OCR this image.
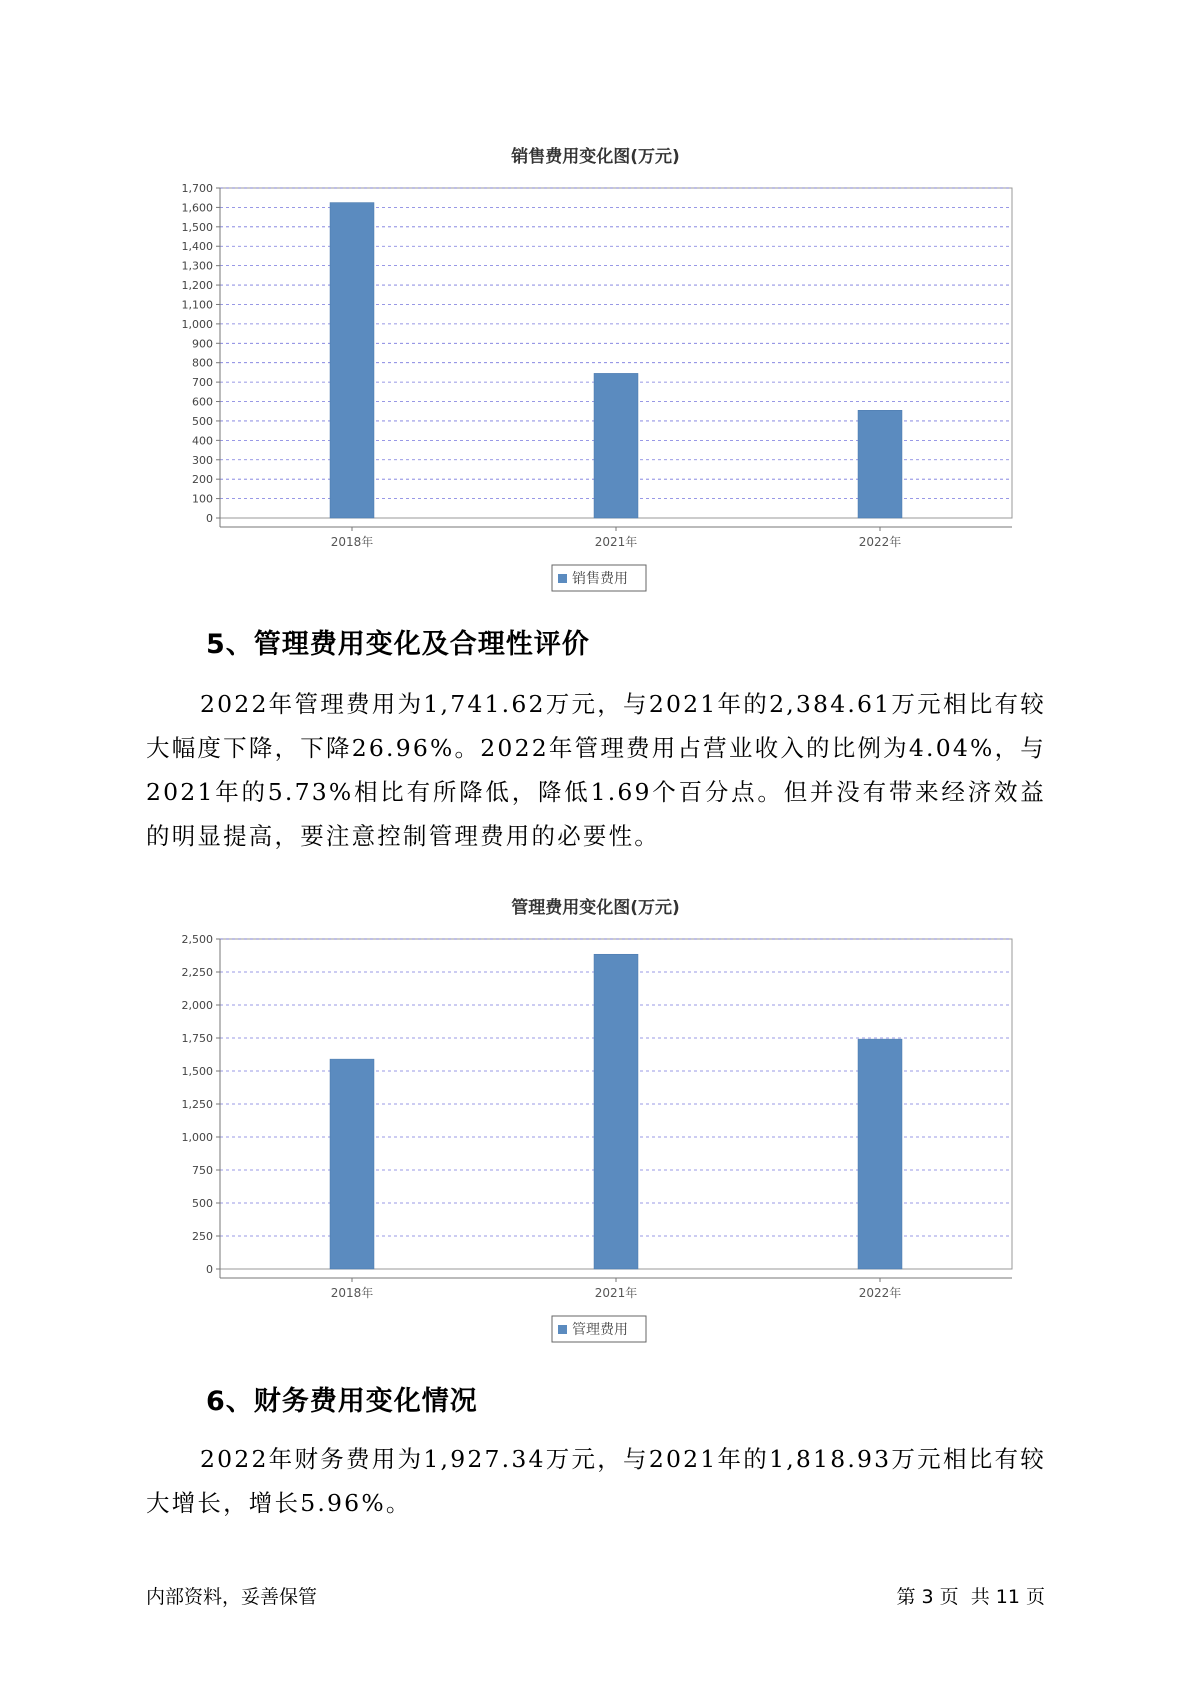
销售费用变化图(万元)
0
100
200
300
400
500
600
700
800
900
1,000
1,100
1,200
1,300
1,400
1,500
1,600
1,700
2018年	2021年	2022年
销售费用
5、管理费用变化及合理性评价
2022年管理费用为1,741.62万元，与2021年的2,384.61万元相比有较大幅度下降，下降26.96%。2022年管理费用占营业收入的比例为4.04%，与2021年的5.73%相比有所降低，降低1.69个百分点。但并没有带来经济效益的明显提高，要注意控制管理费用的必要性。
管理费用变化图(万元)
0
250
500
750
1,000
1,250
1,500
1,750
2,000
2,250
2,500
2018年	2021年	2022年
管理费用
6、财务费用变化情况
2022年财务费用为1,927.34万元，与2021年的1,818.93万元相比有较大增长，增长5.96%。
内部资料，妥善保管	第 3 页  共 11 页
